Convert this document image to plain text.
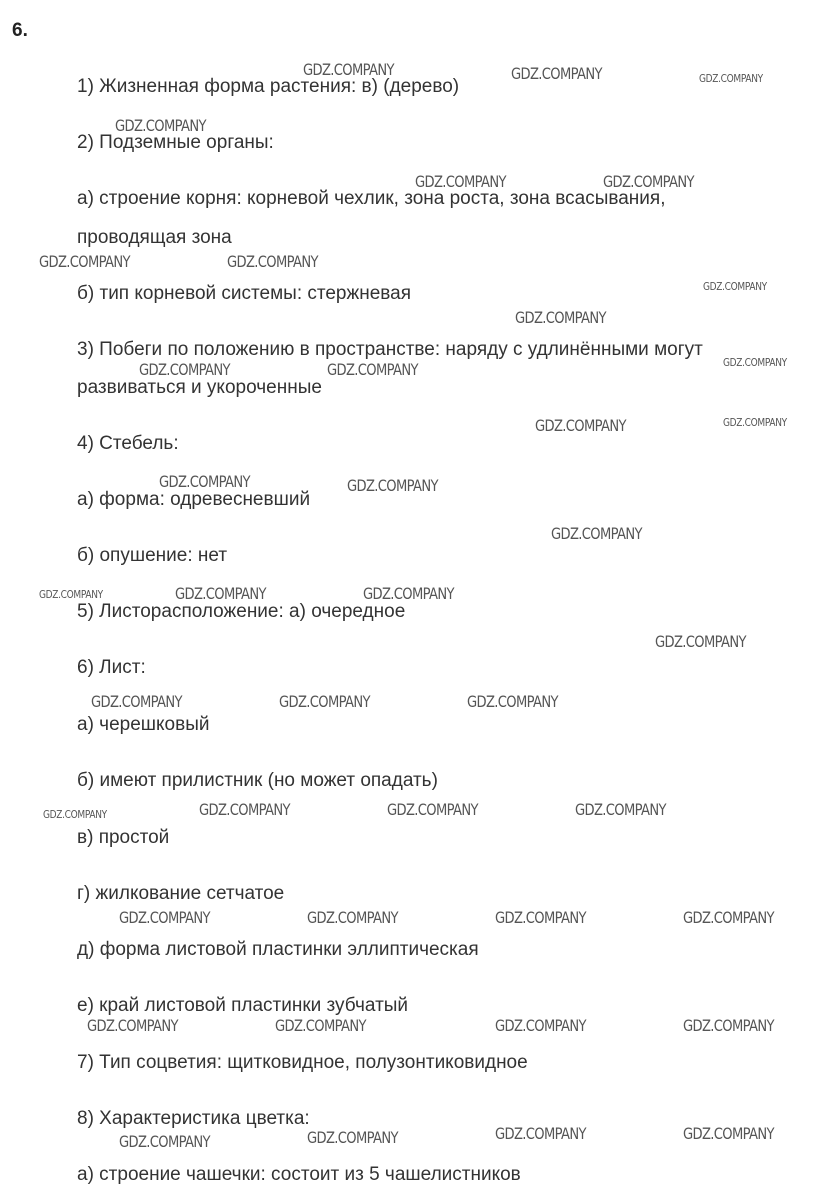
6.
1) Жизненная форма растения: в) (дерево)
2) Подземные органы:
а) строение корня: корневой чехлик, зона роста, зона всасывания,
проводящая зона
б) тип корневой системы: стержневая
3) Побеги по положению в пространстве: наряду с удлинёнными могут
развиваться и укороченные
4) Стебель:
а) форма: одревесневший
б) опушение: нет
5) Листорасположение: а) очередное
6) Лист:
а) черешковый
б) имеют прилистник (но может опадать)
в) простой
г) жилкование сетчатое
д) форма листовой пластинки эллиптическая
е) край листовой пластинки зубчатый
7) Тип соцветия: щитковидное, полузонтиковидное
8) Характеристика цветка:
а) строение чашечки: состоит из 5 чашелистников
GDZ.COMPANY	GDZ.COMPANY	GDZ.COMPANY
GDZ.COMPANY
GDZ.COMPANY	GDZ.COMPANY
GDZ.COMPANY	GDZ.COMPANY
GDZ.COMPANY
GDZ.COMPANY
GDZ.COMPANY	GDZ.COMPANY	GDZ.COMPANY
GDZ.COMPANY	GDZ.COMPANY
GDZ.COMPANY	GDZ.COMPANY
GDZ.COMPANY
GDZ.COMPANY	GDZ.COMPANY	GDZ.COMPANY
GDZ.COMPANY
GDZ.COMPANY	GDZ.COMPANY	GDZ.COMPANY
GDZ.COMPANY	GDZ.COMPANY	GDZ.COMPANY	GDZ.COMPANY
GDZ.COMPANY	GDZ.COMPANY	GDZ.COMPANY	GDZ.COMPANY
GDZ.COMPANY	GDZ.COMPANY	GDZ.COMPANY	GDZ.COMPANY
GDZ.COMPANY	GDZ.COMPANY	GDZ.COMPANY	GDZ.COMPANY
